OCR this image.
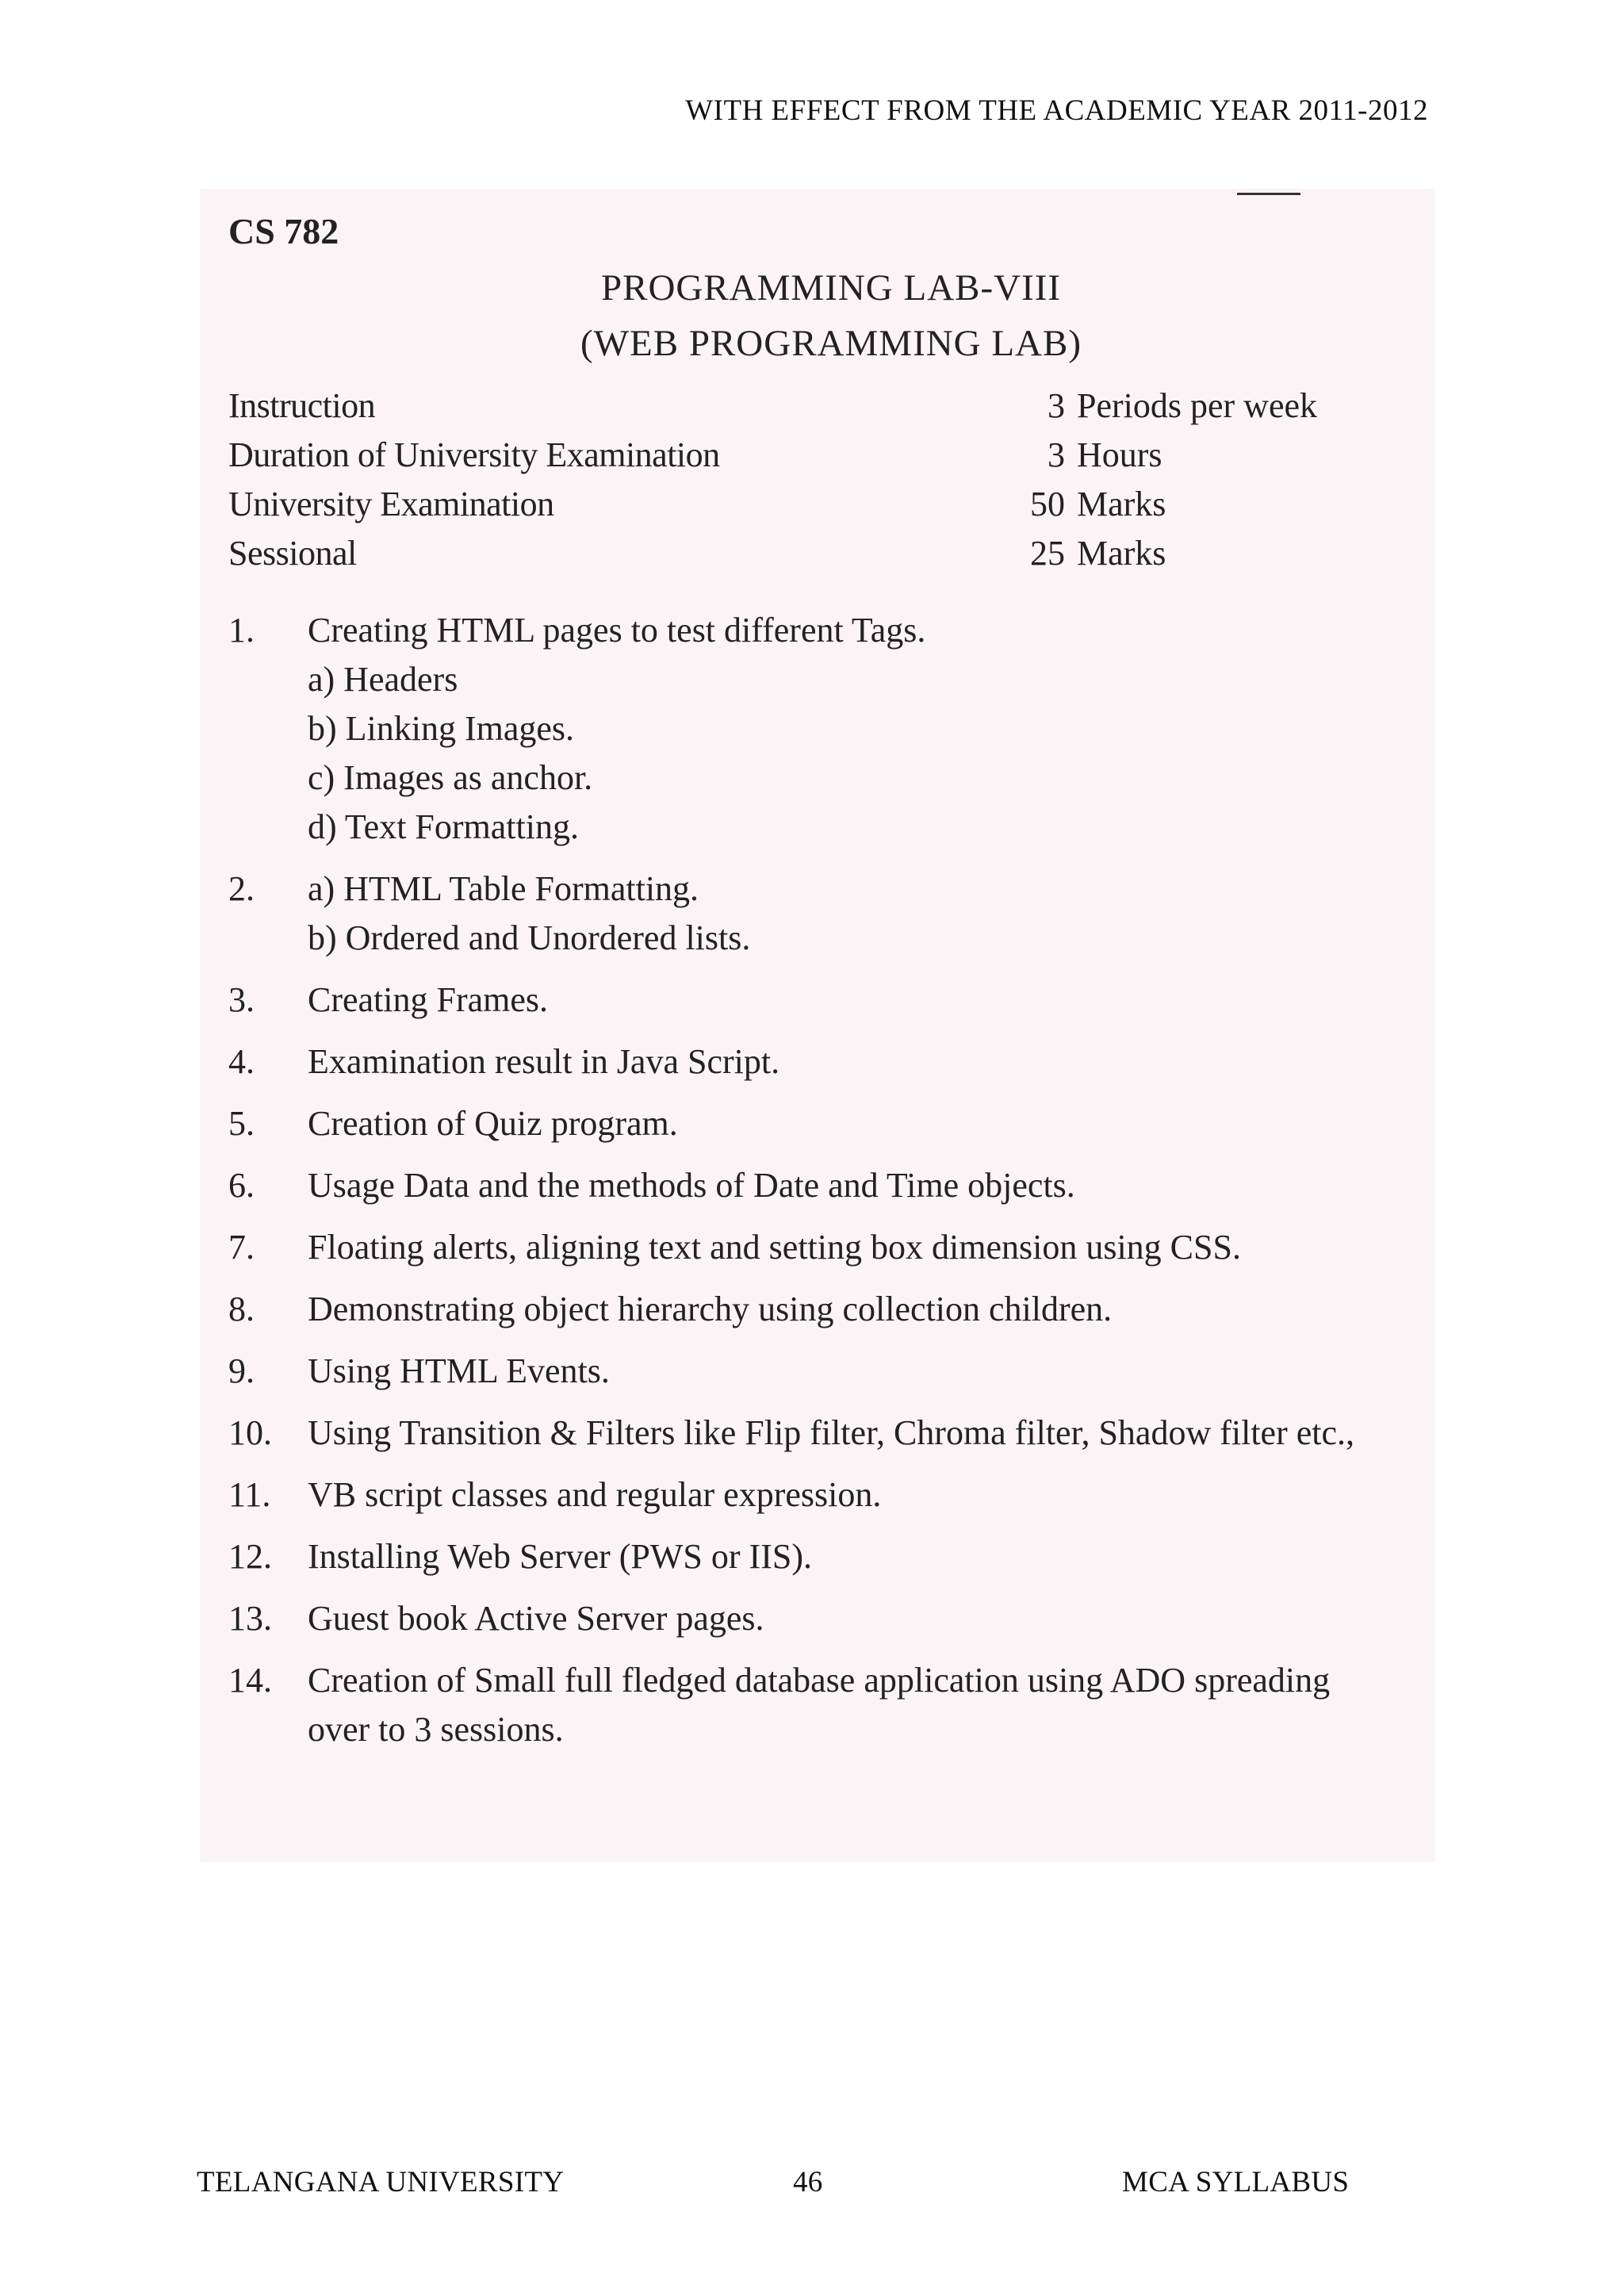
WITH EFFECT FROM THE ACADEMIC YEAR 2011-2012
CS 782
PROGRAMMING LAB-VIII
(WEB PROGRAMMING LAB)
Instruction	3 Periods per week
Duration of University Examination	3 Hours
University Examination	50 Marks
Sessional	25 Marks
1.	Creating HTML pages to test different Tags.
a) Headers
b) Linking Images.
c) Images as anchor.
d) Text Formatting.
2.	a) HTML Table Formatting.
b) Ordered and Unordered lists.
3.	Creating Frames.
4.	Examination result in Java Script.
5.	Creation of Quiz program.
6.	Usage Data and the methods of Date and Time objects.
7.	Floating alerts, aligning text and setting box dimension using CSS.
8.	Demonstrating object hierarchy using collection children.
9.	Using HTML Events.
10.	Using Transition & Filters like Flip filter, Chroma filter, Shadow filter etc.,
11.	VB script classes and regular expression.
12.	Installing Web Server (PWS or IIS).
13.	Guest book Active Server pages.
14.	Creation of Small full fledged database application using ADO spreading over to 3 sessions.
TELANGANA UNIVERSITY	46	MCA SYLLABUS
